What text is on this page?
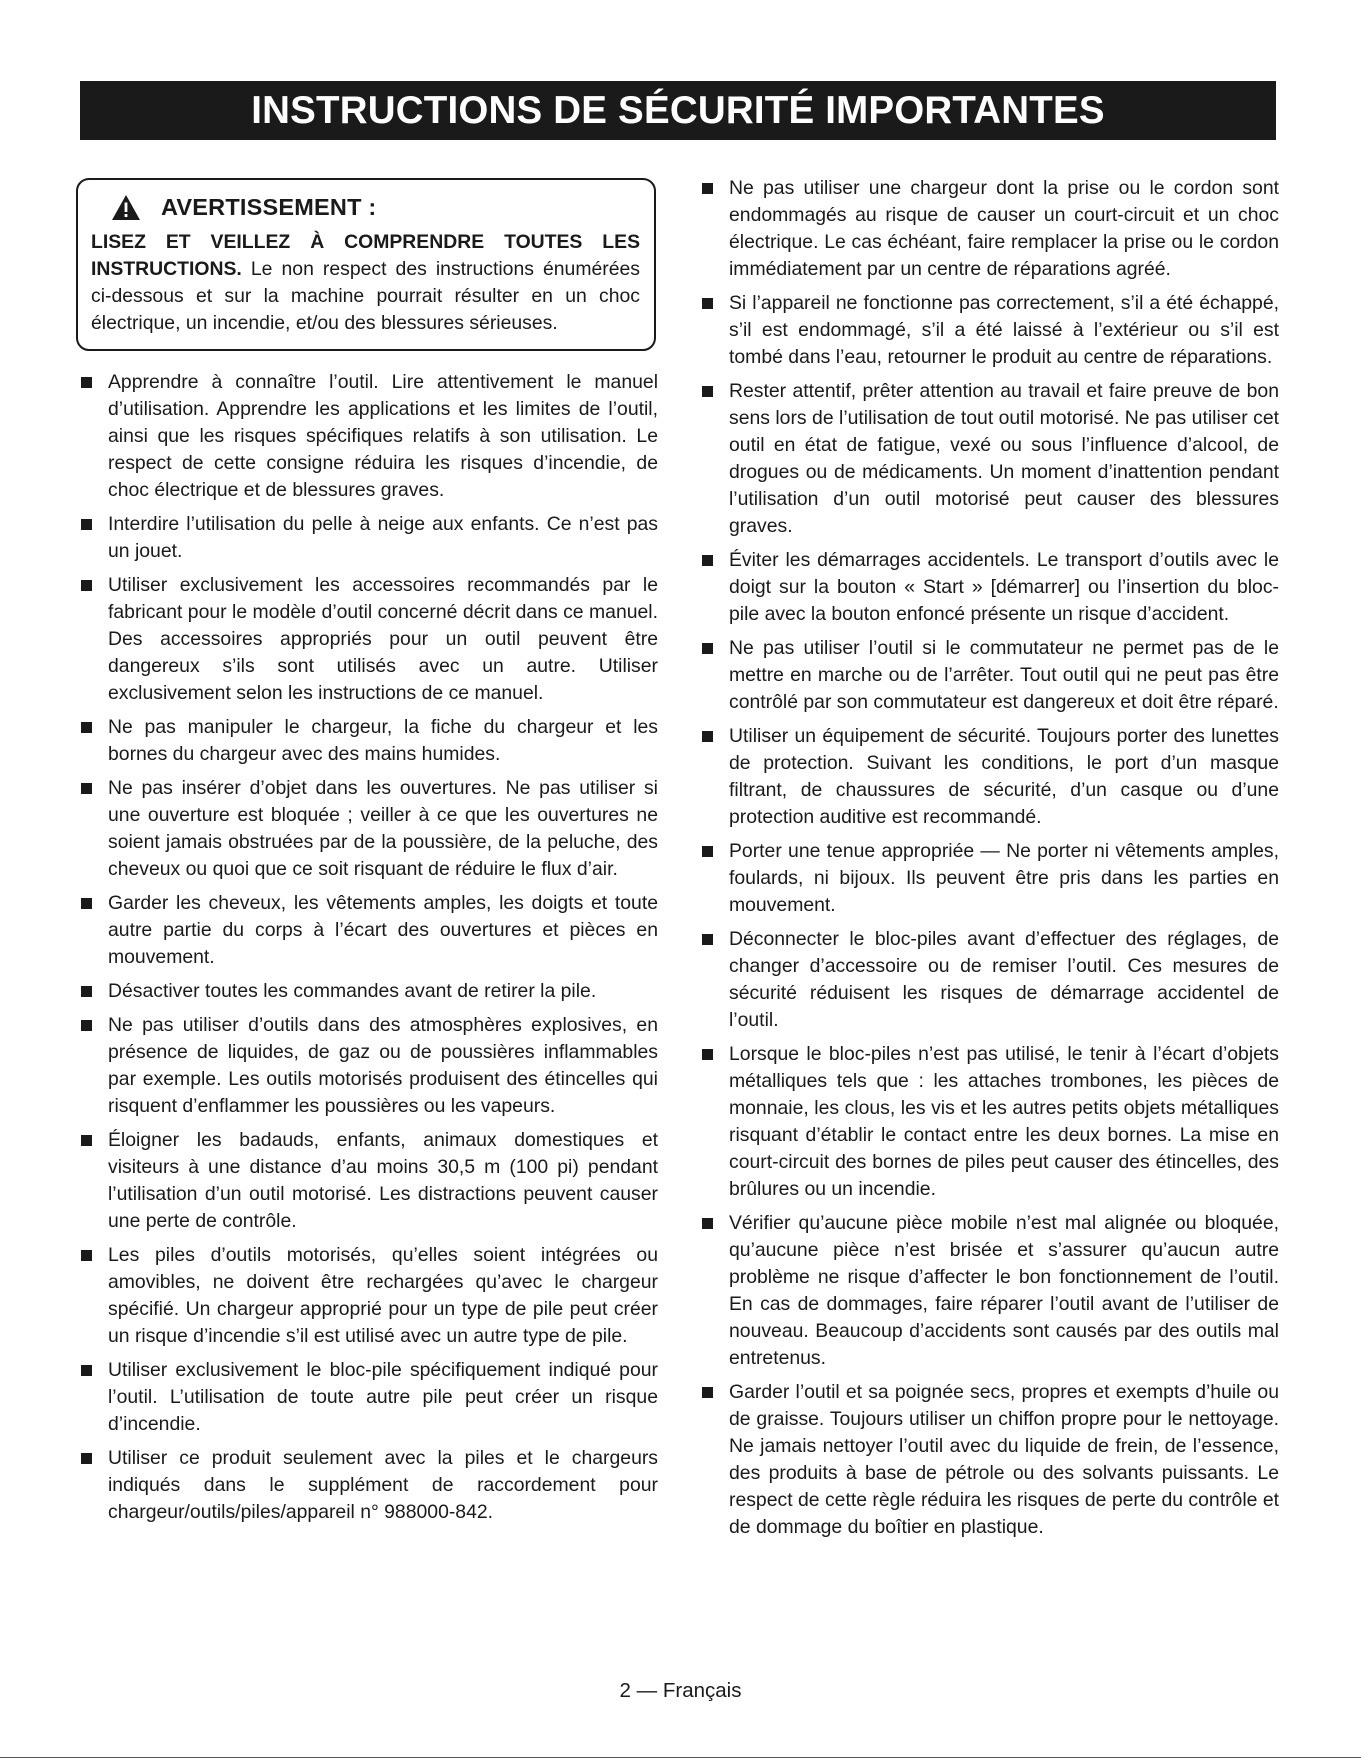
INSTRUCTIONS DE SÉCURITÉ IMPORTANTES
AVERTISSEMENT :

LISEZ ET VEILLEZ À COMPRENDRE TOUTES LES INSTRUCTIONS. Le non respect des instructions énumérées ci-dessous et sur la machine pourrait résulter en un choc électrique, un incendie, et/ou des blessures sérieuses.

Apprendre à connaître l’outil. Lire attentivement le manuel d’utilisation. Apprendre les applications et les limites de l’outil, ainsi que les risques spécifiques relatifs à son utilisation. Le respect de cette consigne réduira les risques d’incendie, de choc électrique et de blessures graves.
Interdire l’utilisation du pelle à neige aux enfants. Ce n’est pas un jouet.
Utiliser exclusivement les accessoires recommandés par le fabricant pour le modèle d’outil concerné décrit dans ce manuel. Des accessoires appropriés pour un outil peuvent être dangereux s’ils sont utilisés avec un autre. Utiliser exclusivement selon les instructions de ce manuel.
Ne pas manipuler le chargeur, la fiche du chargeur et les bornes du chargeur avec des mains humides.
Ne pas insérer d’objet dans les ouvertures. Ne pas utiliser si une ouverture est bloquée ; veiller à ce que les ouvertures ne soient jamais obstruées par de la poussière, de la peluche, des cheveux ou quoi que ce soit risquant de réduire le flux d’air.
Garder les cheveux, les vêtements amples, les doigts et toute autre partie du corps à l’écart des ouvertures et pièces en mouvement.
Désactiver toutes les commandes avant de retirer la pile.
Ne pas utiliser d’outils dans des atmosphères explosives, en présence de liquides, de gaz ou de poussières inflammables par exemple. Les outils motorisés produisent des étincelles qui risquent d’enflammer les poussières ou les vapeurs.
Éloigner les badauds, enfants, animaux domestiques et visiteurs à une distance d’au moins 30,5 m (100 pi) pendant l’utilisation d’un outil motorisé. Les distractions peuvent causer une perte de contrôle.
Les piles d’outils motorisés, qu’elles soient intégrées ou amovibles, ne doivent être rechargées qu’avec le chargeur spécifié. Un chargeur approprié pour un type de pile peut créer un risque d’incendie s’il est utilisé avec un autre type de pile.
Utiliser exclusivement le bloc-pile spécifiquement indiqué pour l’outil. L’utilisation de toute autre pile peut créer un risque d’incendie.
Utiliser ce produit seulement avec la piles et le chargeurs indiqués dans le supplément de raccordement pour chargeur/outils/piles/appareil n° 988000-842.
Ne pas utiliser une chargeur dont la prise ou le cordon sont endommagés au risque de causer un court-circuit et un choc électrique. Le cas échéant, faire remplacer la prise ou le cordon immédiatement par un centre de réparations agréé.
Si l’appareil ne fonctionne pas correctement, s’il a été échappé, s’il est endommagé, s’il a été laissé à l’extérieur ou s’il est tombé dans l’eau, retourner le produit au centre de réparations.
Rester attentif, prêter attention au travail et faire preuve de bon sens lors de l’utilisation de tout outil motorisé. Ne pas utiliser cet outil en état de fatigue, vexé ou sous l’influence d’alcool, de drogues ou de médicaments. Un moment d’inattention pendant l’utilisation d’un outil motorisé peut causer des blessures graves.
Éviter les démarrages accidentels. Le transport d’outils avec le doigt sur la bouton « Start » [démarrer] ou l’insertion du bloc-pile avec la bouton enfoncé présente un risque d’accident.
Ne pas utiliser l’outil si le commutateur ne permet pas de le mettre en marche ou de l’arrêter. Tout outil qui ne peut pas être contrôlé par son commutateur est dangereux et doit être réparé.
Utiliser un équipement de sécurité. Toujours porter des lunettes de protection. Suivant les conditions, le port d’un masque filtrant, de chaussures de sécurité, d’un casque ou d’une protection auditive est recommandé.
Porter une tenue appropriée — Ne porter ni vêtements amples, foulards, ni bijoux. Ils peuvent être pris dans les parties en mouvement.
Déconnecter le bloc-piles avant d’effectuer des réglages, de changer d’accessoire ou de remiser l’outil. Ces mesures de sécurité réduisent les risques de démarrage accidentel de l’outil.
Lorsque le bloc-piles n’est pas utilisé, le tenir à l’écart d’objets métalliques tels que : les attaches trombones, les pièces de monnaie, les clous, les vis et les autres petits objets métalliques risquant d’établir le contact entre les deux bornes. La mise en court-circuit des bornes de piles peut causer des étincelles, des brûlures ou un incendie.
Vérifier qu’aucune pièce mobile n’est mal alignée ou bloquée, qu’aucune pièce n’est brisée et s’assurer qu’aucun autre problème ne risque d’affecter le bon fonctionnement de l’outil. En cas de dommages, faire réparer l’outil avant de l’utiliser de nouveau. Beaucoup d’accidents sont causés par des outils mal entretenus.
Garder l’outil et sa poignée secs, propres et exempts d’huile ou de graisse. Toujours utiliser un chiffon propre pour le nettoyage. Ne jamais nettoyer l’outil avec du liquide de frein, de l’essence, des produits à base de pétrole ou des solvants puissants. Le respect de cette règle réduira les risques de perte du contrôle et de dommage du boîtier en plastique.
2 — Français
